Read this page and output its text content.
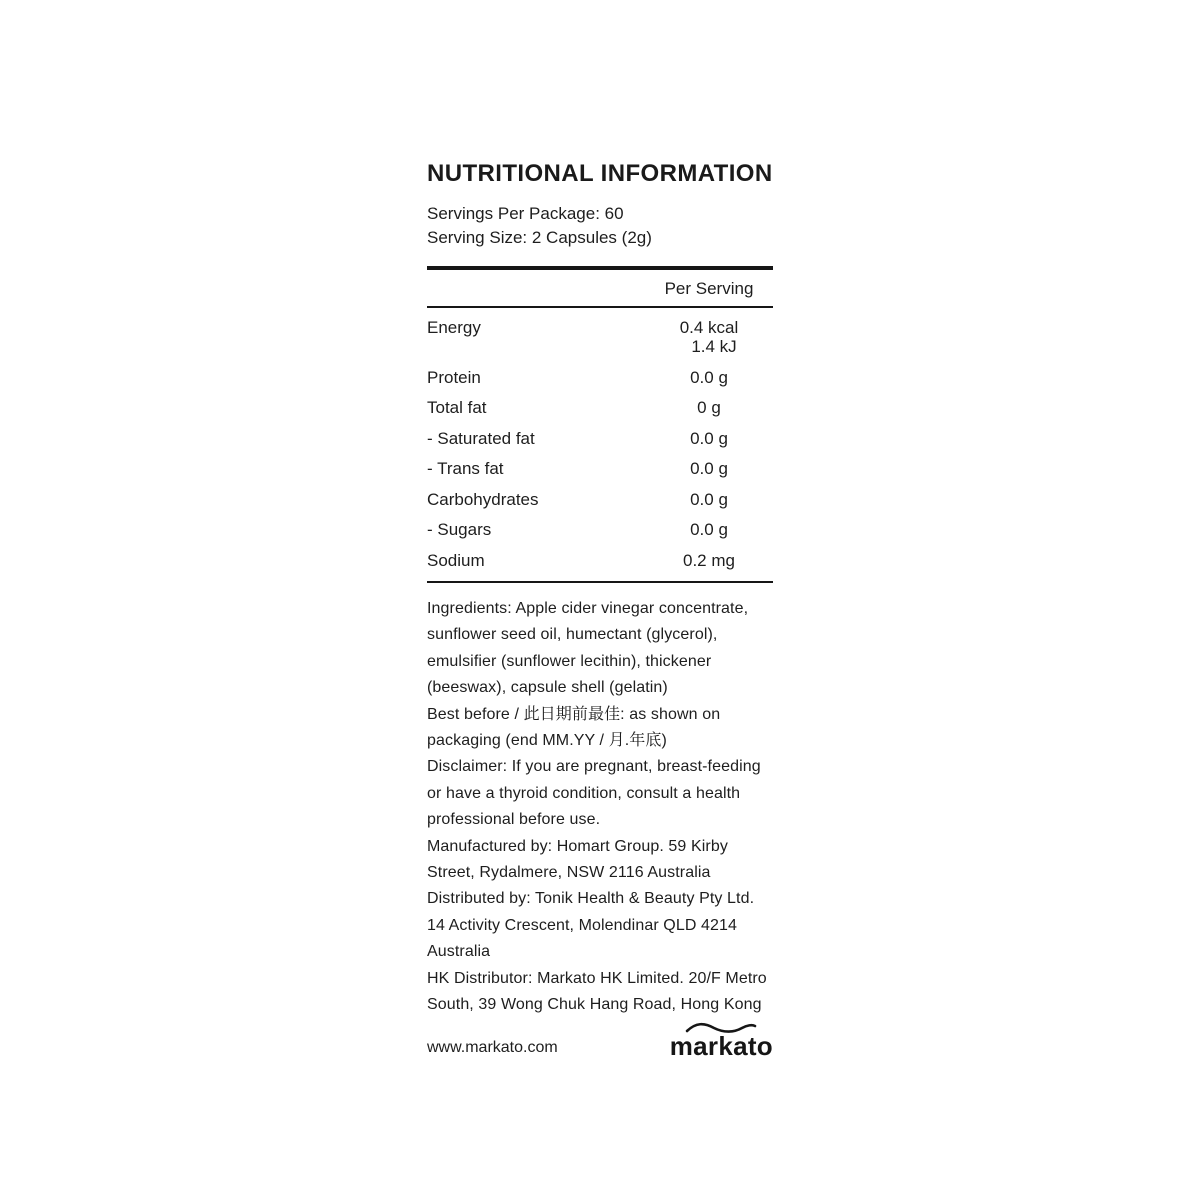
NUTRITIONAL INFORMATION
Servings Per Package: 60
Serving Size: 2 Capsules (2g)
Per Serving
Energy	0.4 kcal
1.4 kJ
Protein	0.0 g
Total fat	0 g
- Saturated fat	0.0 g
- Trans fat	0.0 g
Carbohydrates	0.0 g
- Sugars	0.0 g
Sodium	0.2 mg

Ingredients: Apple cider vinegar concentrate, sunflower seed oil, humectant (glycerol), emulsifier (sunflower lecithin), thickener (beeswax), capsule shell (gelatin)

Best before / 此日期前最佳: as shown on packaging (end MM.YY / 月.年底)

Disclaimer: If you are pregnant, breast-feeding or have a thyroid condition, consult a health professional before use.

Manufactured by: Homart Group. 59 Kirby Street, Rydalmere, NSW 2116 Australia

Distributed by: Tonik Health & Beauty Pty Ltd. 14 Activity Crescent, Molendinar QLD 4214 Australia

HK Distributor: Markato HK Limited. 20/F Metro South, 39 Wong Chuk Hang Road, Hong Kong

www.markato.com	markato
